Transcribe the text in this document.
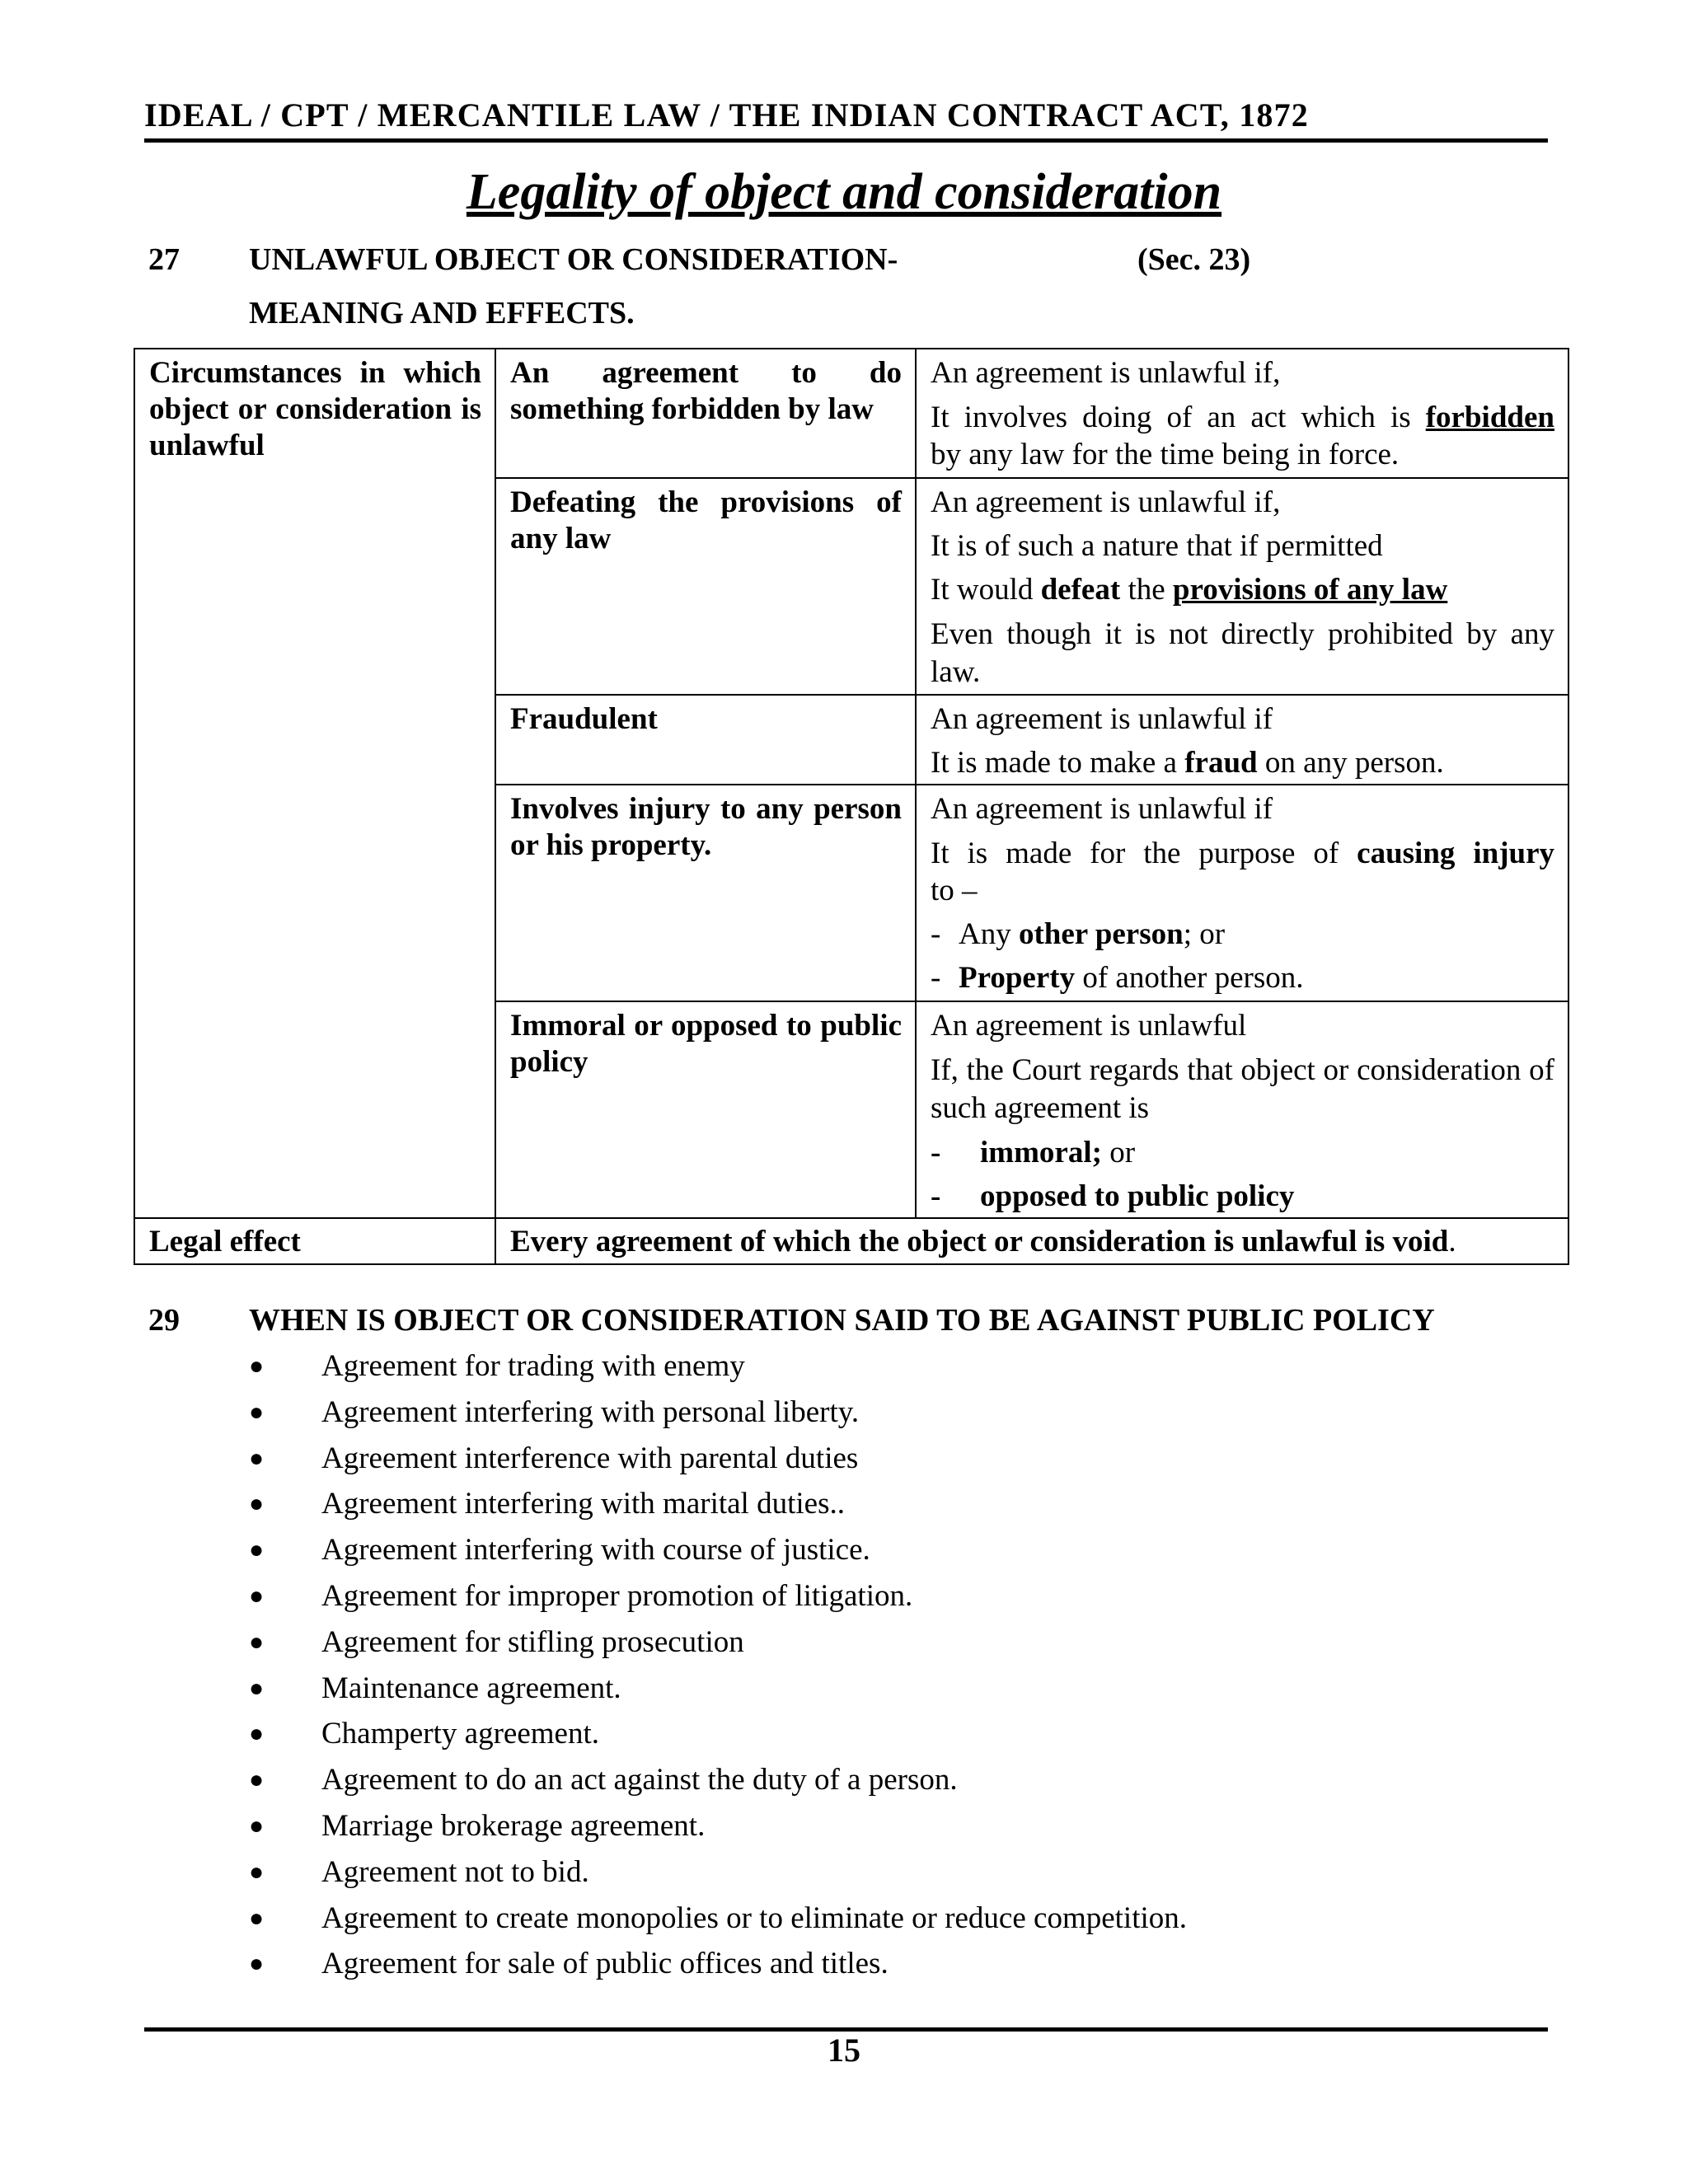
IDEAL / CPT / MERCANTILE LAW / THE INDIAN CONTRACT ACT, 1872
Legality of object and consideration
27 UNLAWFUL OBJECT OR CONSIDERATION-	(Sec. 23)
MEANING AND EFFECTS.
Circumstances in which object or consideration is unlawful	An agreement to do something forbidden by law	An agreement is unlawful if,
It involves doing of an act which is forbidden
by any law for the time being in force.

	Defeating the provisions of any law	An agreement is unlawful if,
It is of such a nature that if permitted
It would defeat the provisions of any law
Even though it is not directly prohibited by any law.

	Fraudulent	An agreement is unlawful if
It is made to make a fraud on any person.

	Involves injury to any person or his property.	An agreement is unlawful if
It is made for the purpose of causing injury
to –
- Any other person; or
- Property of another person.

	Immoral or opposed to public policy	An agreement is unlawful
If, the Court regards that object or consideration of such agreement is
- immoral; or
- opposed to public policy

Legal effect	Every agreement of which the object or consideration is unlawful is void.	
29 WHEN IS OBJECT OR CONSIDERATION SAID TO BE AGAINST PUBLIC POLICY
● Agreement for trading with enemy
● Agreement interfering with personal liberty.
● Agreement interference with parental duties
● Agreement interfering with marital duties..
● Agreement interfering with course of justice.
● Agreement for improper promotion of litigation.
● Agreement for stifling prosecution
● Maintenance agreement.
● Champerty agreement.
● Agreement to do an act against the duty of a person.
● Marriage brokerage agreement.
● Agreement not to bid.
● Agreement to create monopolies or to eliminate or reduce competition.
● Agreement for sale of public offices and titles.
15
